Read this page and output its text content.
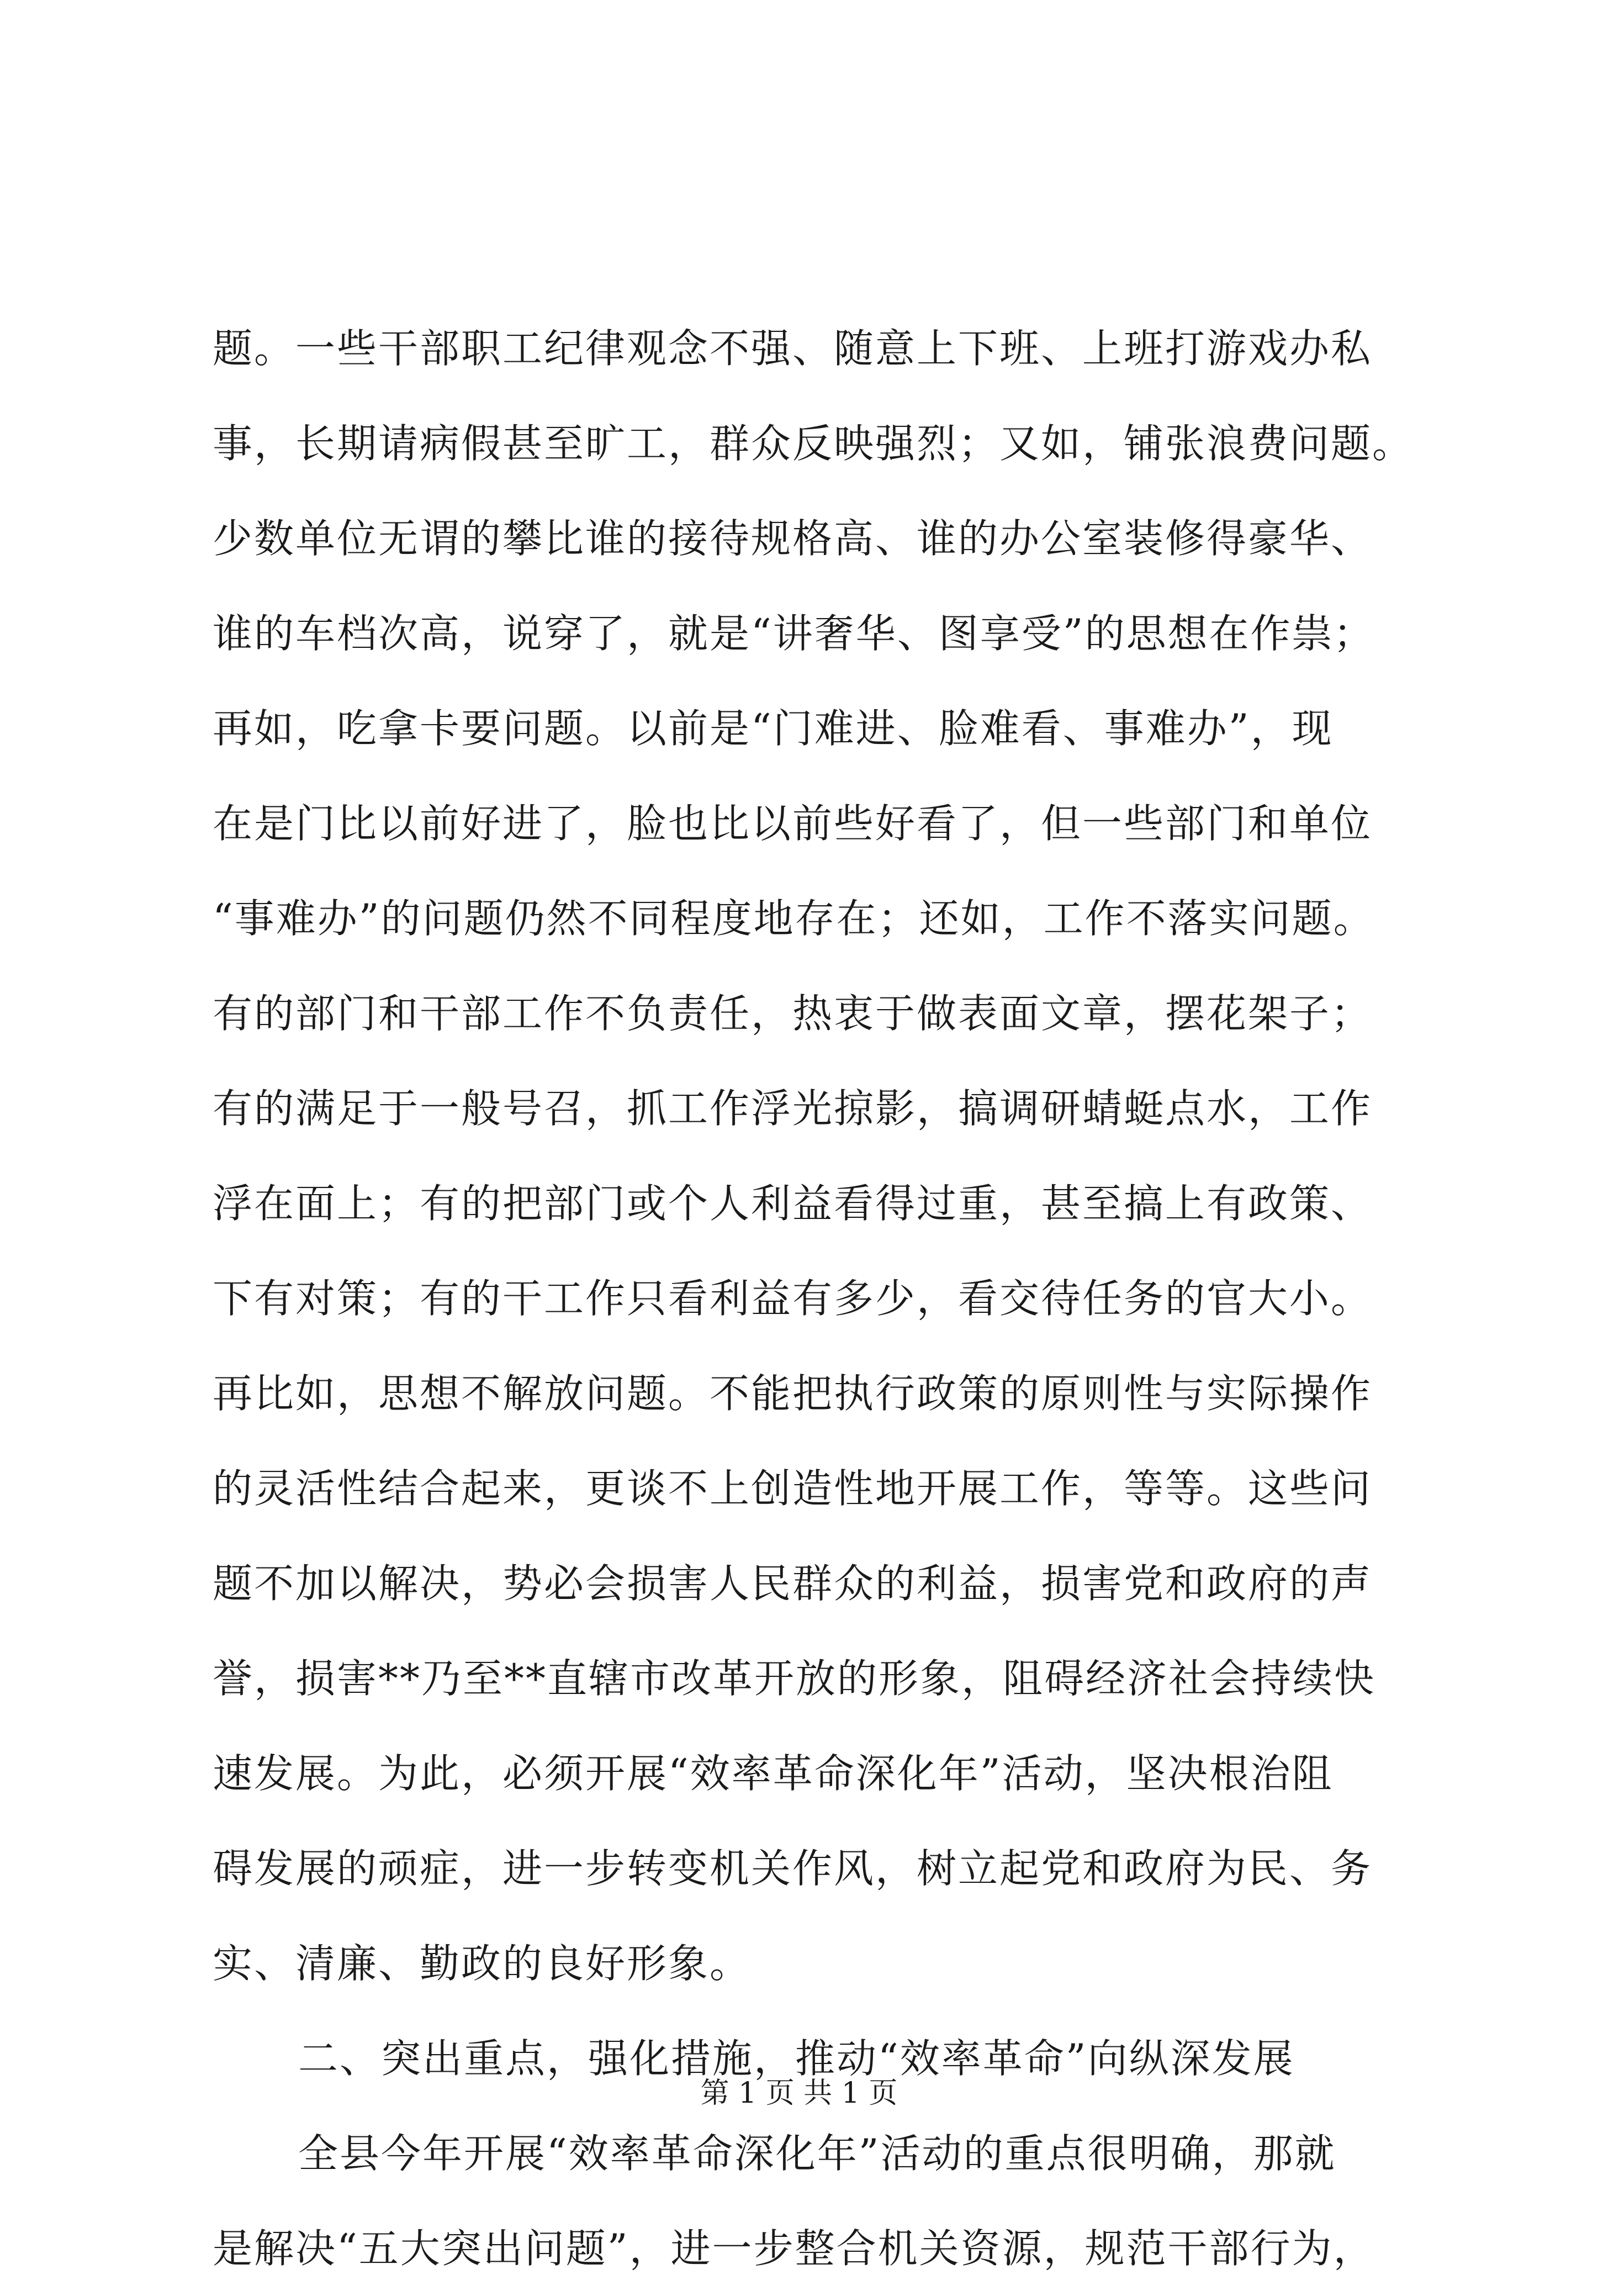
题。一些干部职工纪律观念不强、随意上下班、上班打游戏办私
事，长期请病假甚至旷工，群众反映强烈；又如，铺张浪费问题。
少数单位无谓的攀比谁的接待规格高、谁的办公室装修得豪华、
谁的车档次高，说穿了，就是“讲奢华、图享受”的思想在作祟；
再如，吃拿卡要问题。以前是“门难进、脸难看、事难办”，现
在是门比以前好进了，脸也比以前些好看了，但一些部门和单位
“事难办”的问题仍然不同程度地存在；还如，工作不落实问题。
有的部门和干部工作不负责任，热衷于做表面文章，摆花架子；
有的满足于一般号召，抓工作浮光掠影，搞调研蜻蜓点水，工作
浮在面上；有的把部门或个人利益看得过重，甚至搞上有政策、
下有对策；有的干工作只看利益有多少，看交待任务的官大小。
再比如，思想不解放问题。不能把执行政策的原则性与实际操作
的灵活性结合起来，更谈不上创造性地开展工作，等等。这些问
题不加以解决，势必会损害人民群众的利益，损害党和政府的声
誉，损害**乃至**直辖市改革开放的形象，阻碍经济社会持续快
速发展。为此，必须开展“效率革命深化年”活动，坚决根治阻
碍发展的顽症，进一步转变机关作风，树立起党和政府为民、务
实、清廉、勤政的良好形象。
二、突出重点，强化措施，推动“效率革命”向纵深发展
全县今年开展“效率革命深化年”活动的重点很明确，那就
是解决“五大突出问题”，进一步整合机关资源，规范干部行为，
第 1 页 共 1 页
